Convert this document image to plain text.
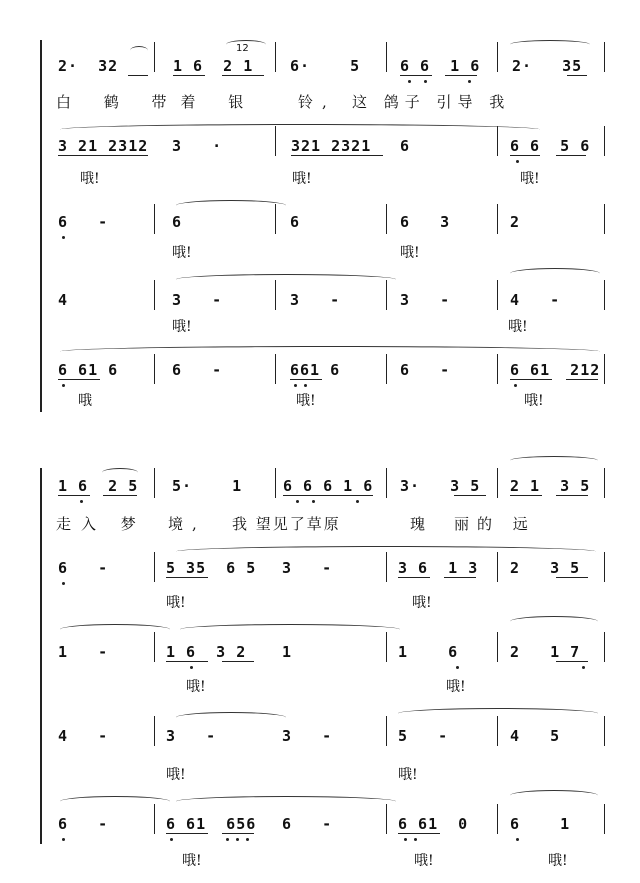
2·  32	1 6  2 1 6·    5	6 6  1 6 2·   35
12
白 鹤 带着 银	铃, 这 鸽子 引导 我
3 21 2312 3   ·	321 2321 6	6 6  5 6
哦!	哦!	哦!
6   -	6	6	6   3	2
哦!	哦!
4	3   -	3   -	3   -	4   -
哦!	哦!
6 61 6	6   -	661 6	6   -	6 61  212
哦	哦!	哦!
1 6  2 5 5·    1	6 6 6 1 6 3·   3 5 2 1  3 5
走入 梦 境, 我 望见了草原	瑰 丽的 远
6   -	5 35  6 5 3   -	3 6  1 3 2   3 5
哦!	哦!
1   -	1 6  3 2 1	1    6	2   1 7
哦!	哦!
4   -	3   -	3   -	5   -	4   5
哦!	哦!
6   -	6 61  656 6   -	6 61  0	6    1
哦!	哦!	哦!
